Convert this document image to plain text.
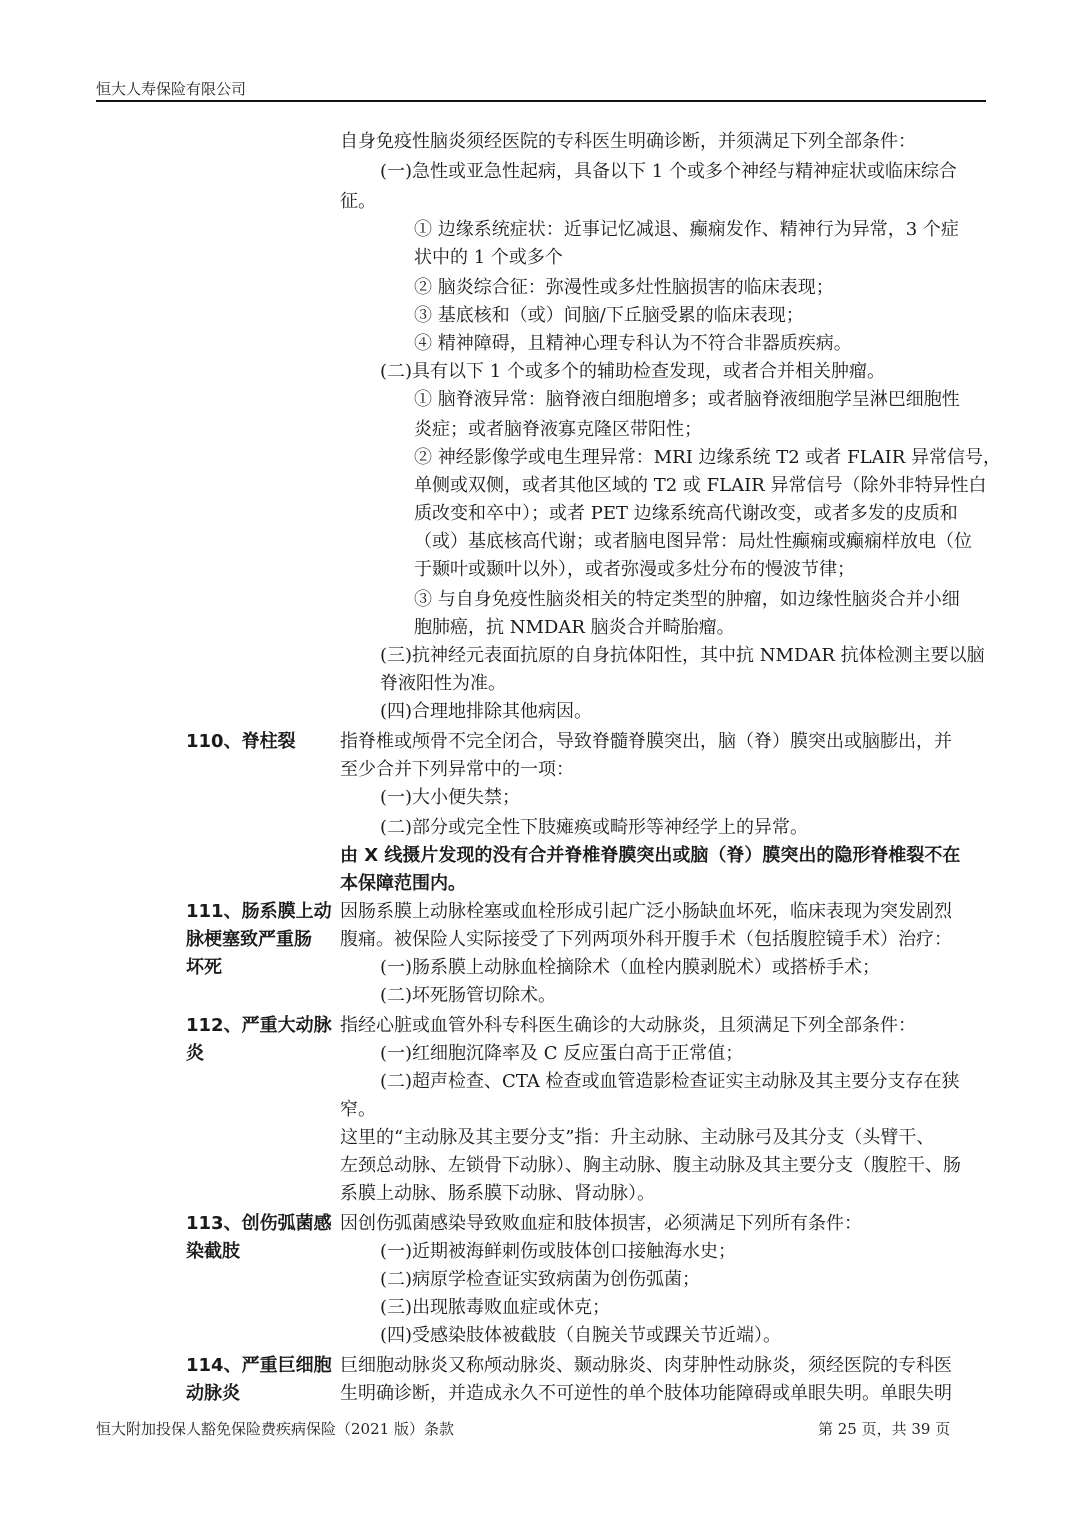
恒大人寿保险有限公司
自身免疫性脑炎须经医院的专科医生明确诊断，并须满足下列全部条件：
(一)急性或亚急性起病，具备以下 1 个或多个神经与精神症状或临床综合
征。
① 边缘系统症状：近事记忆减退、癫痫发作、精神行为异常，3 个症
状中的 1 个或多个
② 脑炎综合征：弥漫性或多灶性脑损害的临床表现；
③ 基底核和（或）间脑/下丘脑受累的临床表现；
④ 精神障碍，且精神心理专科认为不符合非器质疾病。
(二)具有以下 1 个或多个的辅助检查发现，或者合并相关肿瘤。
① 脑脊液异常：脑脊液白细胞增多；或者脑脊液细胞学呈淋巴细胞性
炎症；或者脑脊液寡克隆区带阳性；
② 神经影像学或电生理异常：MRI 边缘系统 T2 或者 FLAIR 异常信号，
单侧或双侧，或者其他区域的 T2 或 FLAIR 异常信号（除外非特异性白
质改变和卒中）；或者 PET 边缘系统高代谢改变，或者多发的皮质和
（或）基底核高代谢；或者脑电图异常：局灶性癫痫或癫痫样放电（位
于颞叶或颞叶以外），或者弥漫或多灶分布的慢波节律；
③ 与自身免疫性脑炎相关的特定类型的肿瘤，如边缘性脑炎合并小细
胞肺癌，抗 NMDAR 脑炎合并畸胎瘤。
(三)抗神经元表面抗原的自身抗体阳性，其中抗 NMDAR 抗体检测主要以脑
脊液阳性为准。
(四)合理地排除其他病因。
110、脊柱裂 指脊椎或颅骨不完全闭合，导致脊髓脊膜突出，脑（脊）膜突出或脑膨出，并
至少合并下列异常中的一项：
(一)大小便失禁；
(二)部分或完全性下肢瘫痪或畸形等神经学上的异常。
由 X 线摄片发现的没有合并脊椎脊膜突出或脑（脊）膜突出的隐形脊椎裂不在
本保障范围内。
111、肠系膜上动
脉梗塞致严重肠
坏死
因肠系膜上动脉栓塞或血栓形成引起广泛小肠缺血坏死，临床表现为突发剧烈
腹痛。被保险人实际接受了下列两项外科开腹手术（包括腹腔镜手术）治疗：
(一)肠系膜上动脉血栓摘除术（血栓内膜剥脱术）或搭桥手术；
(二)坏死肠管切除术。
112、严重大动脉
炎
指经心脏或血管外科专科医生确诊的大动脉炎，且须满足下列全部条件：
(一)红细胞沉降率及 C 反应蛋白高于正常值；
(二)超声检查、CTA 检查或血管造影检查证实主动脉及其主要分支存在狭
窄。
这里的“主动脉及其主要分支”指：升主动脉、主动脉弓及其分支（头臂干、
左颈总动脉、左锁骨下动脉）、胸主动脉、腹主动脉及其主要分支（腹腔干、肠
系膜上动脉、肠系膜下动脉、肾动脉）。
113、创伤弧菌感
染截肢
因创伤弧菌感染导致败血症和肢体损害，必须满足下列所有条件：
(一)近期被海鲜刺伤或肢体创口接触海水史；
(二)病原学检查证实致病菌为创伤弧菌；
(三)出现脓毒败血症或休克；
(四)受感染肢体被截肢（自腕关节或踝关节近端）。
114、严重巨细胞
动脉炎
巨细胞动脉炎又称颅动脉炎、颞动脉炎、肉芽肿性动脉炎，须经医院的专科医
生明确诊断，并造成永久不可逆性的单个肢体功能障碍或单眼失明。单眼失明
恒大附加投保人豁免保险费疾病保险（2021 版）条款	第 25 页，共 39 页
